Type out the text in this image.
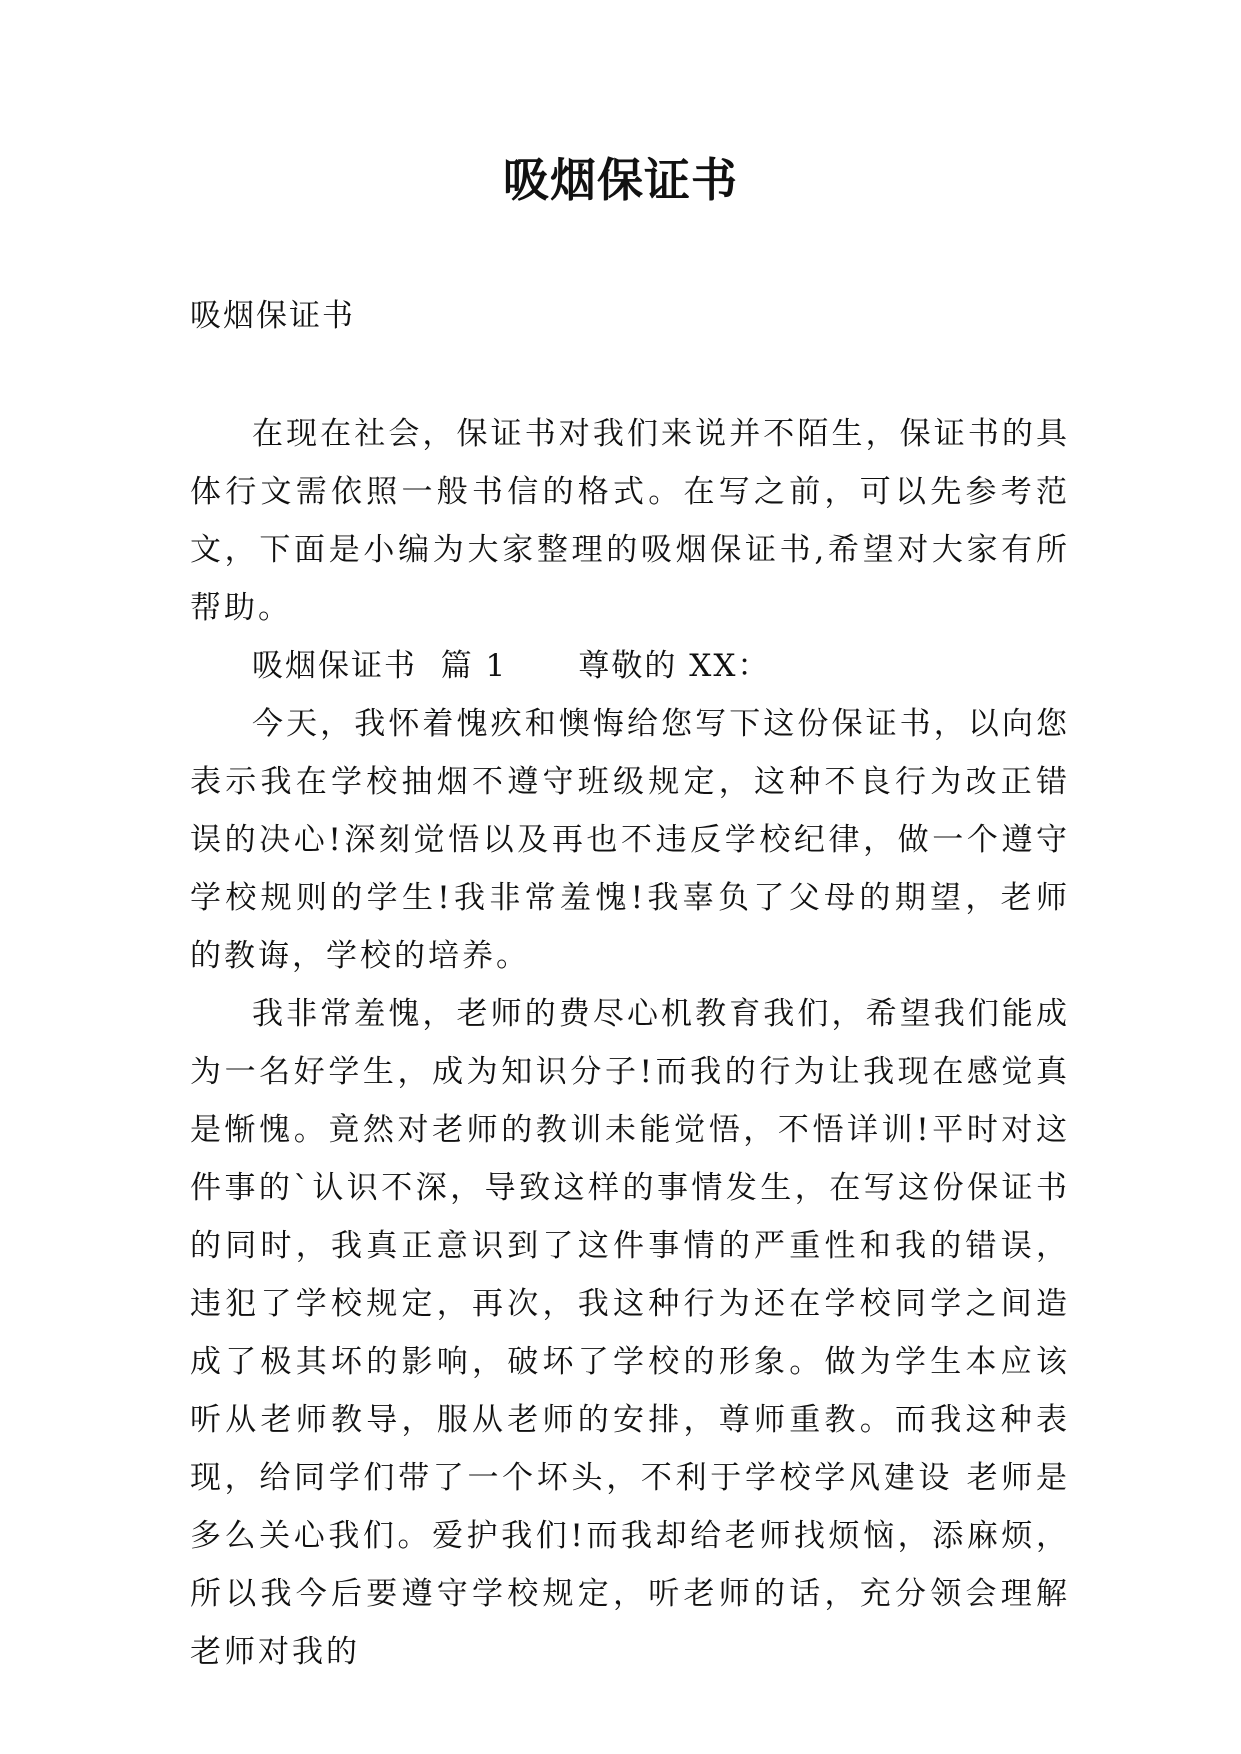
吸烟保证书
吸烟保证书

在现在社会，保证书对我们来说并不陌生，保证书的具体行文需依照一般书信的格式。在写之前，可以先参考范文，下面是小编为大家整理的吸烟保证书,希望对大家有所帮助。

吸烟保证书  篇 1      尊敬的 XX：

今天，我怀着愧疚和懊悔给您写下这份保证书，以向您表示我在学校抽烟不遵守班级规定，这种不良行为改正错误的决心!深刻觉悟以及再也不违反学校纪律，做一个遵守学校规则的学生!我非常羞愧!我辜负了父母的期望，老师的教诲，学校的培养。

我非常羞愧，老师的费尽心机教育我们，希望我们能成为一名好学生，成为知识分子!而我的行为让我现在感觉真是惭愧。竟然对老师的教训未能觉悟，不悟详训!平时对这件事的`认识不深，导致这样的事情发生，在写这份保证书的同时，我真正意识到了这件事情的严重性和我的错误，违犯了学校规定，再次，我这种行为还在学校同学之间造成了极其坏的影响，破坏了学校的形象。做为学生本应该听从老师教导，服从老师的安排，尊师重教。而我这种表现，给同学们带了一个坏头，不利于学校学风建设 老师是多么关心我们。爱护我们!而我却给老师找烦恼，添麻烦，所以我今后要遵守学校规定，听老师的话，充分领会理解老师对我的
